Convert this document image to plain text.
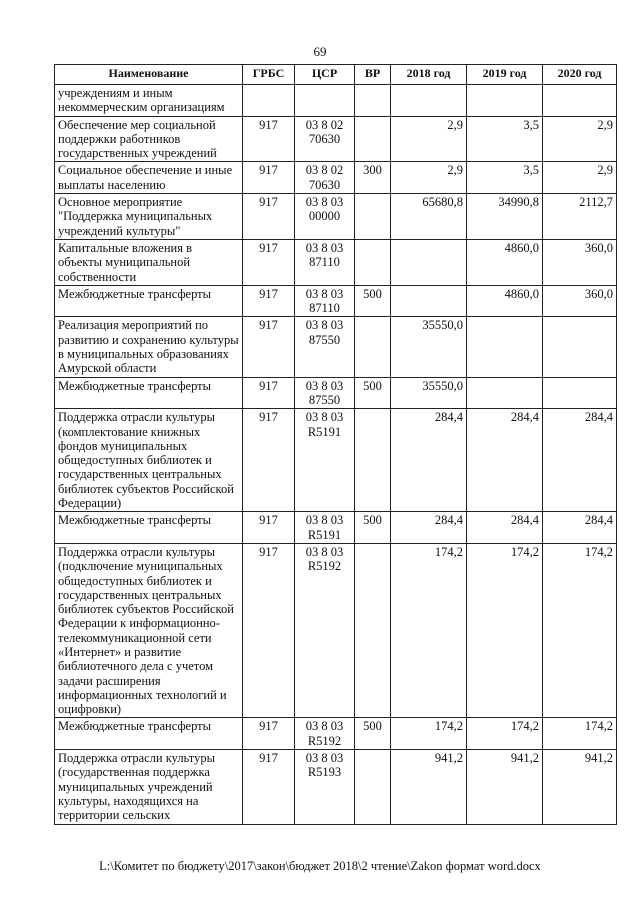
69
Наименование	ГРБС	ЦСР	ВР	2018 год	2019 год	2020 год
учреждениям и иным некоммерческим организациям						
Обеспечение мер социальной поддержки работников государственных учреждений	917	03 8 02 70630		2,9	3,5	2,9
Социальное обеспечение и иные выплаты населению	917	03 8 02 70630	300	2,9	3,5	2,9
Основное мероприятие "Поддержка муниципальных учреждений культуры"	917	03 8 03 00000		65680,8	34990,8	2112,7
Капитальные вложения в объекты муниципальной собственности	917	03 8 03 87110			4860,0	360,0
Межбюджетные трансферты	917	03 8 03 87110	500		4860,0	360,0
Реализация мероприятий по развитию и сохранению культуры в муниципальных образованиях Амурской области	917	03 8 03 87550		35550,0		
Межбюджетные трансферты	917	03 8 03 87550	500	35550,0		
Поддержка отрасли культуры (комплектование книжных фондов муниципальных общедоступных библиотек и государственных центральных библиотек субъектов Российской Федерации)	917	03 8 03 R5191		284,4	284,4	284,4
Межбюджетные трансферты	917	03 8 03 R5191	500	284,4	284,4	284,4
Поддержка отрасли культуры (подключение муниципальных общедоступных библиотек и государственных центральных библиотек субъектов Российской Федерации к информационно-телекоммуникационной сети «Интернет» и развитие библиотечного дела с учетом задачи расширения информационных технологий и оцифровки)	917	03 8 03 R5192		174,2	174,2	174,2
Межбюджетные трансферты	917	03 8 03 R5192	500	174,2	174,2	174,2
Поддержка отрасли культуры (государственная поддержка муниципальных учреждений культуры, находящихся на территории сельских	917	03 8 03 R5193		941,2	941,2	941,2
L:\Комитет по бюджету\2017\закон\бюджет 2018\2 чтение\Zakon формат word.docx
